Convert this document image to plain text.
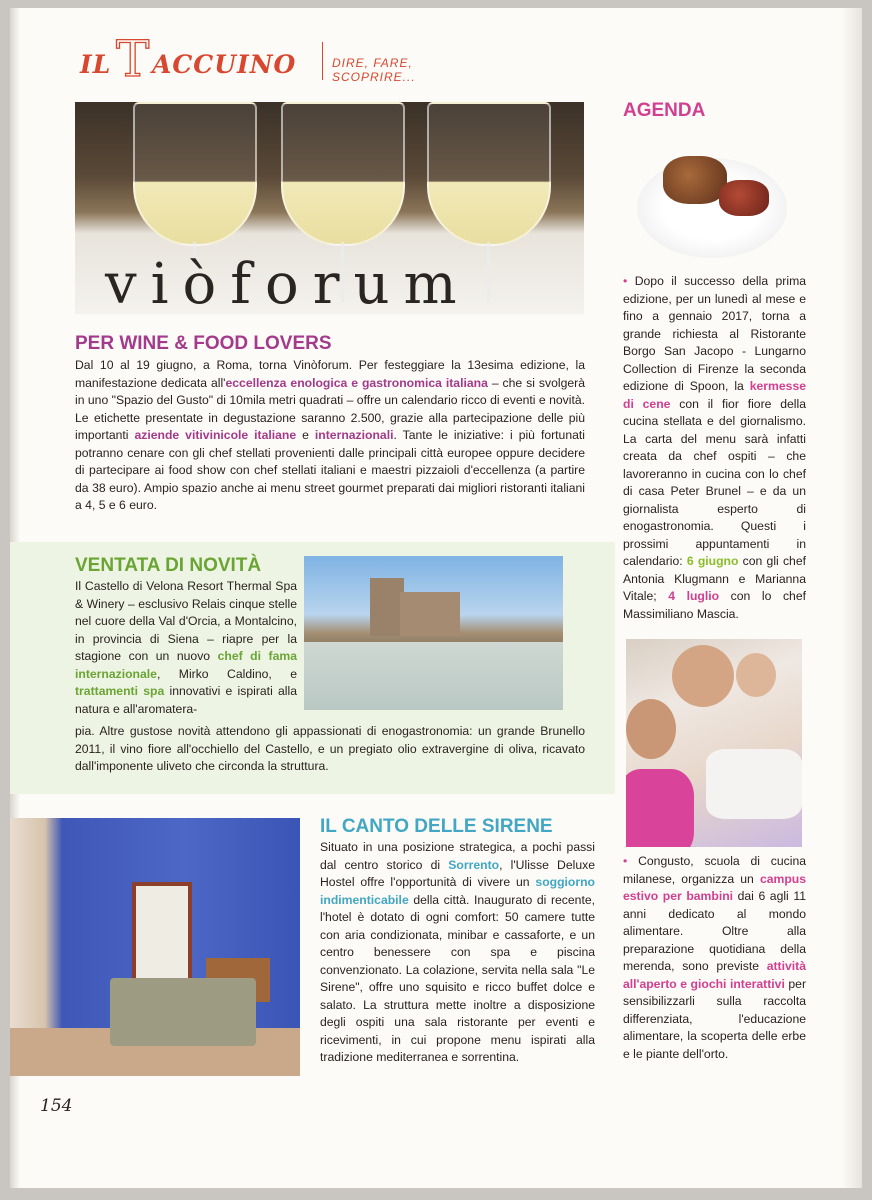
IL T ACCUINO	DIRE, FARE, SCOPRIRE...
viòforum
PER WINE & FOOD LOVERS

Dal 10 al 19 giugno, a Roma, torna Vinòforum. Per festeggiare la 13esima edizione, la manifestazione dedicata all'eccellenza enologica e gastronomica italiana – che si svolgerà in uno "Spazio del Gusto" di 10mila metri quadrati – offre un calendario ricco di eventi e novità. Le etichette presentate in degustazione saranno 2.500, grazie alla partecipazione delle più importanti aziende vitivinicole italiane e internazionali. Tante le iniziative: i più fortunati potranno cenare con gli chef stellati provenienti dalle principali città europee oppure decidere di partecipare ai food show con chef stellati italiani e maestri pizzaioli d'eccellenza (a partire da 38 euro). Ampio spazio anche ai menu street gourmet preparati dai migliori ristoranti italiani a 4, 5 e 6 euro.

VENTATA DI NOVITÀ

Il Castello di Velona Resort Thermal Spa & Winery – esclusivo Relais cinque stelle nel cuore della Val d'Orcia, a Montalcino, in provincia di Siena – riapre per la stagione con un nuovo chef di fama internazionale, Mirko Caldino, e trattamenti spa innovativi e ispirati alla natura e all'aromatera-

pia. Altre gustose novità attendono gli appassionati di enogastronomia: un grande Brunello 2011, il vino fiore all'occhiello del Castello, e un pregiato olio extravergine di oliva, ricavato dall'imponente uliveto che circonda la struttura.

IL CANTO DELLE SIRENE

Situato in una posizione strategica, a pochi passi dal centro storico di Sorrento, l'Ulisse Deluxe Hostel offre l'opportunità di vivere un soggiorno indimenticabile della città. Inaugurato di recente, l'hotel è dotato di ogni comfort: 50 camere tutte con aria condizionata, minibar e cassaforte, e un centro benessere con spa e piscina convenzionato. La colazione, servita nella sala "Le Sirene", offre uno squisito e ricco buffet dolce e salato. La struttura mette inoltre a disposizione degli ospiti una sala ristorante per eventi e ricevimenti, in cui propone menu ispirati alla tradizione mediterranea e sorrentina.

AGENDA

• Dopo il successo della prima edizione, per un lunedì al mese e fino a gennaio 2017, torna a grande richiesta al Ristorante Borgo San Jacopo - Lungarno Collection di Firenze la seconda edizione di Spoon, la kermesse di cene con il fior fiore della cucina stellata e del giornalismo. La carta del menu sarà infatti creata da chef ospiti – che lavoreranno in cucina con lo chef di casa Peter Brunel – e da un giornalista esperto di enogastronomia. Questi i prossimi appuntamenti in calendario: 6 giugno con gli chef Antonia Klugmann e Marianna Vitale; 4 luglio con lo chef Massimiliano Mascia.

• Congusto, scuola di cucina milanese, organizza un campus estivo per bambini dai 6 agli 11 anni dedicato al mondo alimentare. Oltre alla preparazione quotidiana della merenda, sono previste attività all'aperto e giochi interattivi per sensibilizzarli sulla raccolta differenziata, l'educazione alimentare, la scoperta delle erbe e le piante dell'orto.

154
